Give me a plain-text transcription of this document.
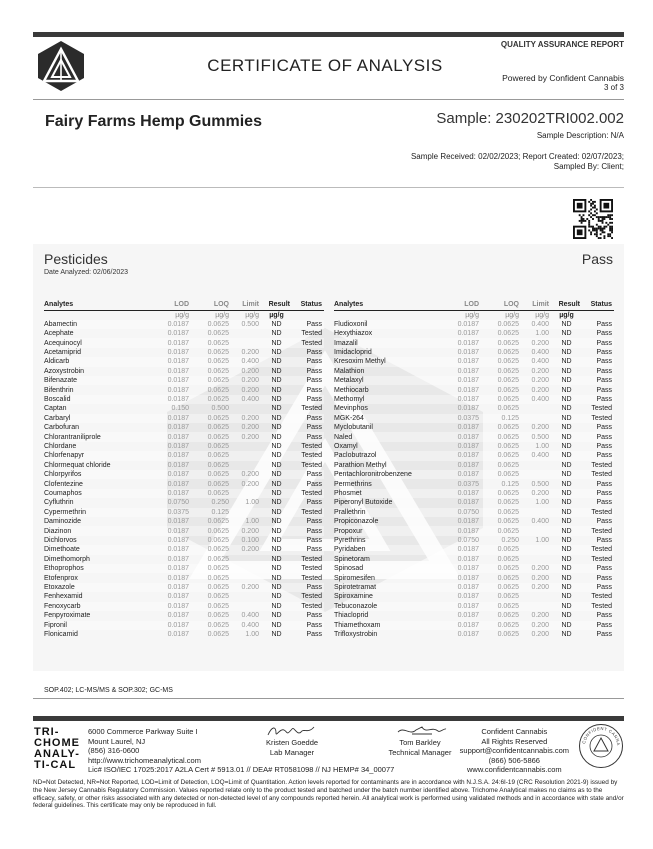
CERTIFICATE OF ANALYSIS
QUALITY ASSURANCE REPORT
Powered by Confident Cannabis
3 of 3
Fairy Farms Hemp Gummies	Sample: 230202TRI002.002
Sample Description: N/A
Sample Received: 02/02/2023; Report Created: 02/07/2023;
Sampled By: Client;
Pesticides	Pass
Date Analyzed: 02/06/2023
Analytes	LOD	LOQ	Limit	Result	Status
	µg/g	µg/g	µg/g	µg/g	
Abamectin	0.0187	0.0625	0.500	ND	Pass
Acephate	0.0187	0.0625		ND	Tested
Acequinocyl	0.0187	0.0625		ND	Tested
Acetamiprid	0.0187	0.0625	0.200	ND	Pass
Aldicarb	0.0187	0.0625	0.400	ND	Pass
Azoxystrobin	0.0187	0.0625	0.200	ND	Pass
Bifenazate	0.0187	0.0625	0.200	ND	Pass
Bifenthrin	0.0187	0.0625	0.200	ND	Pass
Boscalid	0.0187	0.0625	0.400	ND	Pass
Captan	0.150	0.500		ND	Tested
Carbaryl	0.0187	0.0625	0.200	ND	Pass
Carbofuran	0.0187	0.0625	0.200	ND	Pass
Chlorantraniliprole	0.0187	0.0625	0.200	ND	Pass
Chlordane	0.0187	0.0625		ND	Tested
Chlorfenapyr	0.0187	0.0625		ND	Tested
Chlormequat chloride	0.0187	0.0625		ND	Tested
Chlorpyrifos	0.0187	0.0625	0.200	ND	Pass
Clofentezine	0.0187	0.0625	0.200	ND	Pass
Coumaphos	0.0187	0.0625		ND	Tested
Cyfluthrin	0.0750	0.250	1.00	ND	Pass
Cypermethrin	0.0375	0.125		ND	Tested
Daminozide	0.0187	0.0625	1.00	ND	Pass
Diazinon	0.0187	0.0625	0.200	ND	Pass
Dichlorvos	0.0187	0.0625	0.100	ND	Pass
Dimethoate	0.0187	0.0625	0.200	ND	Pass
Dimethomorph	0.0187	0.0625		ND	Tested
Ethoprophos	0.0187	0.0625		ND	Tested
Etofenprox	0.0187	0.0625		ND	Tested
Etoxazole	0.0187	0.0625	0.200	ND	Pass
Fenhexamid	0.0187	0.0625		ND	Tested
Fenoxycarb	0.0187	0.0625		ND	Tested
Fenpyroximate	0.0187	0.0625	0.400	ND	Pass
Fipronil	0.0187	0.0625	0.400	ND	Pass
Flonicamid	0.0187	0.0625	1.00	ND	Pass
Analytes	LOD	LOQ	Limit	Result	Status
	µg/g	µg/g	µg/g	µg/g	
Fludioxonil	0.0187	0.0625	0.400	ND	Pass
Hexythiazox	0.0187	0.0625	1.00	ND	Pass
Imazalil	0.0187	0.0625	0.200	ND	Pass
Imidacloprid	0.0187	0.0625	0.400	ND	Pass
Kresoxim Methyl	0.0187	0.0625	0.400	ND	Pass
Malathion	0.0187	0.0625	0.200	ND	Pass
Metalaxyl	0.0187	0.0625	0.200	ND	Pass
Methiocarb	0.0187	0.0625	0.200	ND	Pass
Methomyl	0.0187	0.0625	0.400	ND	Pass
Mevinphos	0.0187	0.0625		ND	Tested
MGK-264	0.0375	0.125		ND	Tested
Myclobutanil	0.0187	0.0625	0.200	ND	Pass
Naled	0.0187	0.0625	0.500	ND	Pass
Oxamyl	0.0187	0.0625	1.00	ND	Pass
Paclobutrazol	0.0187	0.0625	0.400	ND	Pass
Parathion Methyl	0.0187	0.0625		ND	Tested
Pentachloronitrobenzene	0.0187	0.0625		ND	Tested
Permethrins	0.0375	0.125	0.500	ND	Pass
Phosmet	0.0187	0.0625	0.200	ND	Pass
Piperonyl Butoxide	0.0187	0.0625	1.00	ND	Pass
Prallethrin	0.0750	0.0625		ND	Tested
Propiconazole	0.0187	0.0625	0.400	ND	Pass
Propoxur	0.0187	0.0625		ND	Tested
Pyrethrins	0.0750	0.250	1.00	ND	Pass
Pyridaben	0.0187	0.0625		ND	Tested
Spinetoram	0.0187	0.0625		ND	Tested
Spinosad	0.0187	0.0625	0.200	ND	Pass
Spiromesifen	0.0187	0.0625	0.200	ND	Pass
Spirotetramat	0.0187	0.0625	0.200	ND	Pass
Spiroxamine	0.0187	0.0625		ND	Tested
Tebuconazole	0.0187	0.0625		ND	Tested
Thiacloprid	0.0187	0.0625	0.200	ND	Pass
Thiamethoxam	0.0187	0.0625	0.200	ND	Pass
Trifloxystrobin	0.0187	0.0625	0.200	ND	Pass
SOP.402; LC-MS/MS & SOP.302; GC-MS
TRI-
CHOME
ANALY-
TI-CAL
6000 Commerce Parkway Suite I
Mount Laurel, NJ
(856) 316-0600
http://www.trichomeanalytical.com
Lic# ISO/IEC 17025:2017 A2LA Cert # 5913.01 // DEA# RT0581098 // NJ HEMP# 34_00077
Kristen Goedde
Lab Manager
Tom Barkley
Technical Manager
Confident Cannabis
All Rights Reserved
support@confidentcannabis.com
(866) 506-5866
www.confidentcannabis.com
CONFIDENT CANNA
ND=Not Detected, NR=Not Reported, LOD=Limit of Detection, LOQ=Limit of Quantitation. Action levels reported for contaminants are in accordance with N.J.S.A. 24:6I-19 (CRC Resolution 2021-9) issued by the New Jersey Cannabis Regulatory Commission. Values reported relate only to the product tested and batched under the batch number identified above. Trichome Analytical makes no claims as to the efficacy, safety, or other risks associated with any detected or non-detected level of any compounds reported herein. All analytical work is performed using validated methods and in accordance with state and/or federal guidelines. This certificate may only be reproduced in full.
